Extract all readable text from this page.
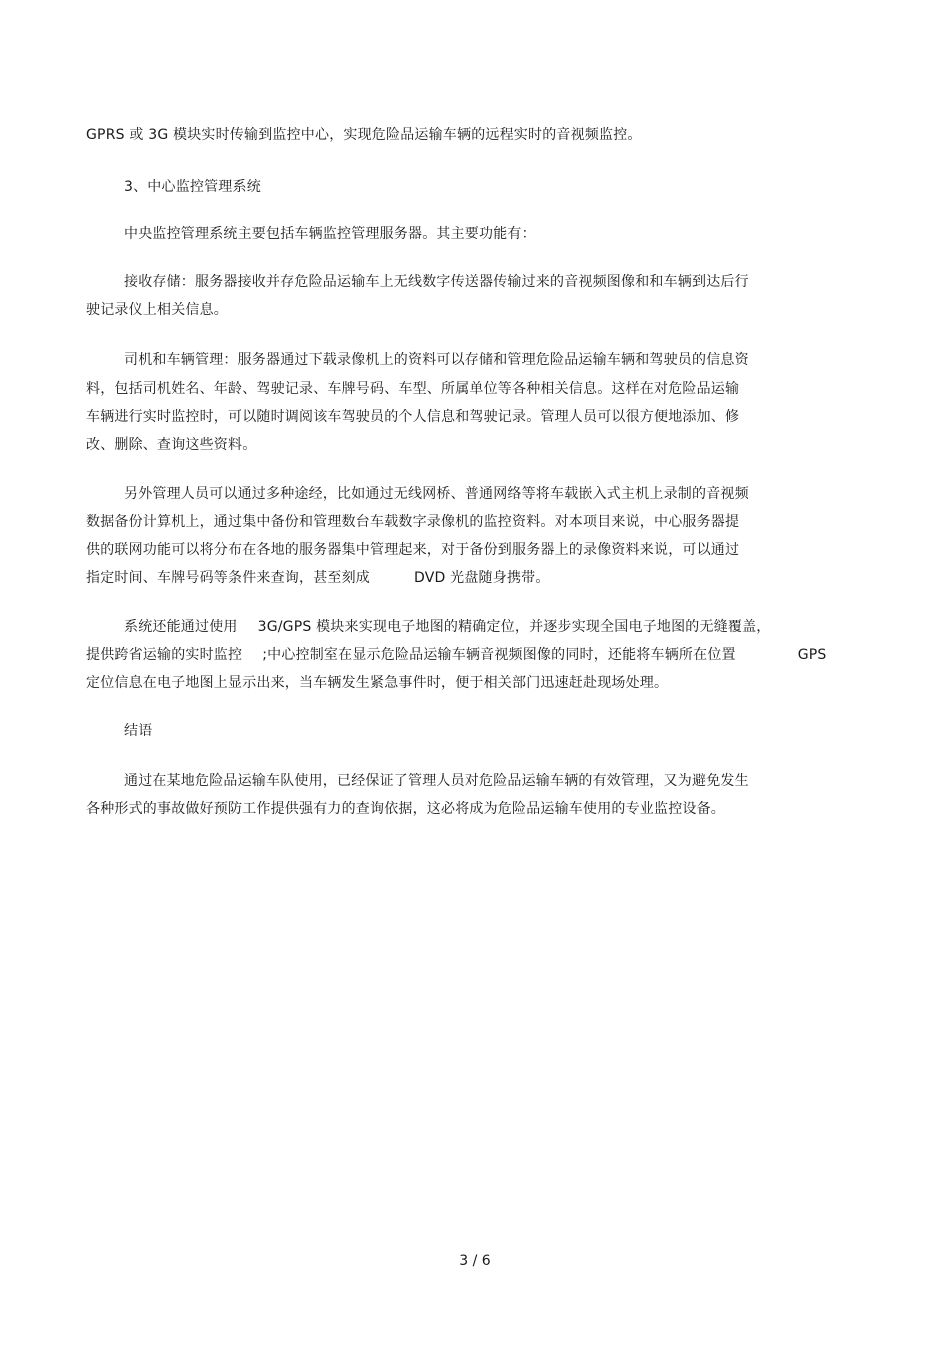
GPRS 或 3G 模块实时传输到监控中心，实现危险品运输车辆的远程实时的音视频监控。
3、中心监控管理系统
中央监控管理系统主要包括车辆监控管理服务器。其主要功能有：
接收存储：服务器接收并存危险品运输车上无线数字传送器传输过来的音视频图像和和车辆到达后行
驶记录仪上相关信息。
司机和车辆管理：服务器通过下载录像机上的资料可以存储和管理危险品运输车辆和驾驶员的信息资
料，包括司机姓名、年龄、驾驶记录、车牌号码、车型、所属单位等各种相关信息。这样在对危险品运输
车辆进行实时监控时，可以随时调阅该车驾驶员的个人信息和驾驶记录。管理人员可以很方便地添加、修
改、删除、查询这些资料。
另外管理人员可以通过多种途经，比如通过无线网桥、普通网络等将车载嵌入式主机上录制的音视频
数据备份计算机上，通过集中备份和管理数台车载数字录像机的监控资料。对本项目来说，中心服务器提
供的联网功能可以将分布在各地的服务器集中管理起来，对于备份到服务器上的录像资料来说，可以通过
指定时间、车牌号码等条件来查询，甚至刻成	DVD 光盘随身携带。
系统还能通过使用 3G/GPS 模块来实现电子地图的精确定位，并逐步实现全国电子地图的无缝覆盖，
提供跨省运输的实时监控 ;中心控制室在显示危险品运输车辆音视频图像的同时，还能将车辆所在位置	GPS
定位信息在电子地图上显示出来，当车辆发生紧急事件时，便于相关部门迅速赶赴现场处理。
结语
通过在某地危险品运输车队使用，已经保证了管理人员对危险品运输车辆的有效管理，又为避免发生
各种形式的事故做好预防工作提供强有力的查询依据，这必将成为危险品运输车使用的专业监控设备。
3 / 6
